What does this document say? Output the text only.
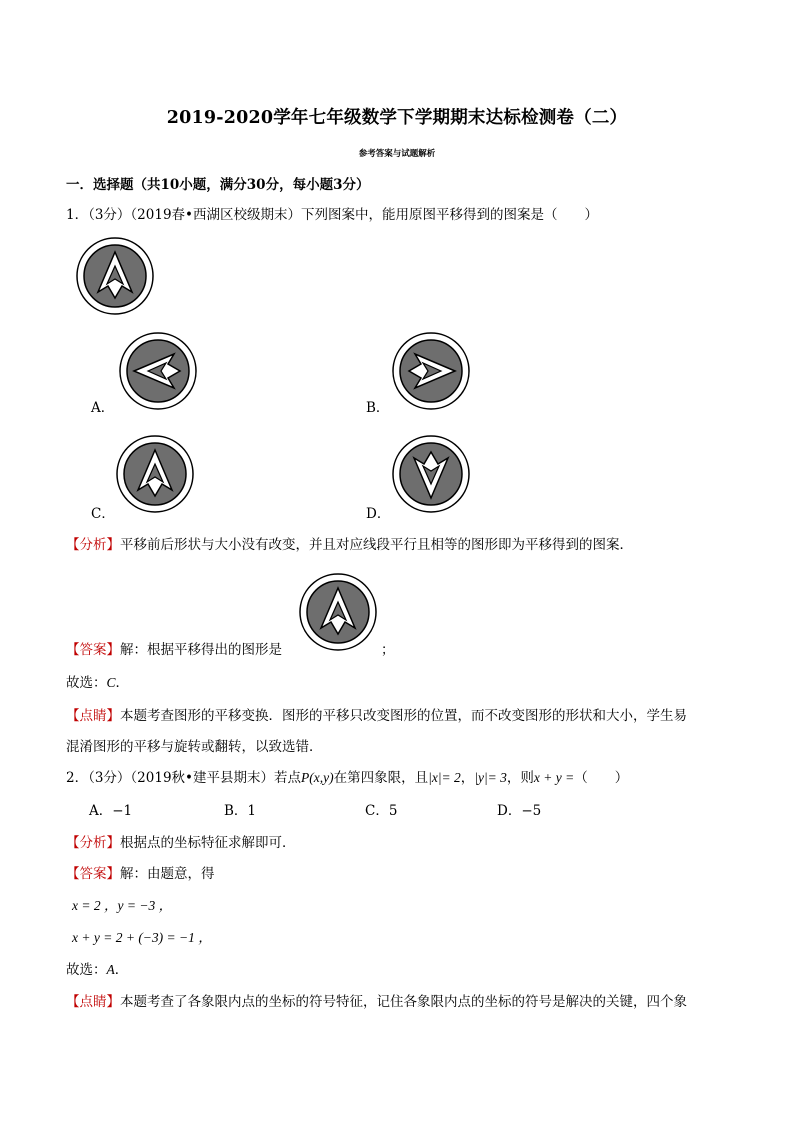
2019-2020学年七年级数学下学期期末达标检测卷（二）
参考答案与试题解析
一．选择题（共10小题，满分30分，每小题3分）
1．（3分）（2019春•西湖区校级期末）下列图案中，能用原图平移得到的图案是（　　）
A．	B．
C．	D．
【分析】平移前后形状与大小没有改变，并且对应线段平行且相等的图形即为平移得到的图案．
【答案】解：根据平移得出的图形是	；
故选：C．
【点睛】本题考查图形的平移变换．图形的平移只改变图形的位置，而不改变图形的形状和大小，学生易
混淆图形的平移与旋转或翻转，以致选错．
2．（3分）（2019秋•建平县期末）若点P(x,y)在第四象限，且|x|= 2，|y|= 3，则x + y =（　　）
A．−1	B．1	C．5	D．−5
【分析】根据点的坐标特征求解即可．
【答案】解：由题意，得
x = 2 ，y = −3 ，
x + y = 2 + (−3) = −1 ，
故选：A．
【点睛】本题考查了各象限内点的坐标的符号特征，记住各象限内点的坐标的符号是解决的关键，四个象
